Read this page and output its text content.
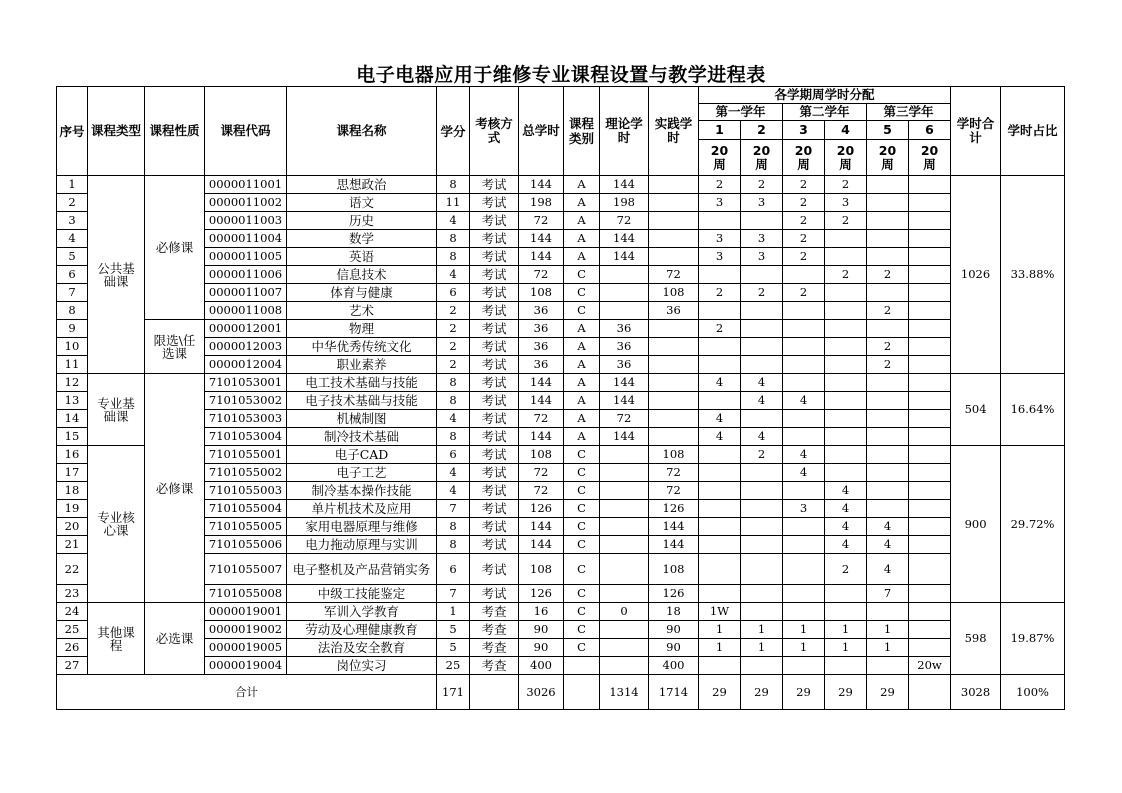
电子电器应用于维修专业课程设置与教学进程表
序号	课程类型	课程性质	课程代码	课程名称	学分	考核方式	总学时	课程类别	理论学时	实践学时	各学期周学时分配						学时合计	学时占比
											第一学年		第二学年		第三学年			
											1	2	3	4	5	6		
											20周	20周	20周	20周	20周	20周		
1	公共基础课	必修课	0000011001	思想政治	8	考试	144	A	144		2	2	2	2			1026	33.88%
2			0000011002	语文	11	考试	198	A	198		3	3	2	3				
3			0000011003	历史	4	考试	72	A	72				2	2				
4			0000011004	数学	8	考试	144	A	144		3	3	2					
5			0000011005	英语	8	考试	144	A	144		3	3	2					
6			0000011006	信息技术	4	考试	72	C		72				2	2			
7			0000011007	体育与健康	6	考试	108	C		108	2	2	2					
8			0000011008	艺术	2	考试	36	C		36					2			
9		限选\任选课	0000012001	物理	2	考试	36	A	36		2							
10			0000012003	中华优秀传统文化	2	考试	36	A	36						2			
11			0000012004	职业素养	2	考试	36	A	36						2			
12	专业基础课	必修课	7101053001	电工技术基础与技能	8	考试	144	A	144		4	4					504	16.64%
13			7101053002	电子技术基础与技能	8	考试	144	A	144			4	4					
14			7101053003	机械制图	4	考试	72	A	72		4							
15			7101053004	制冷技术基础	8	考试	144	A	144		4	4						
16	专业核心课		7101055001	电子CAD	6	考试	108	C		108		2	4				900	29.72%
17			7101055002	电子工艺	4	考试	72	C		72			4					
18			7101055003	制冷基本操作技能	4	考试	72	C		72				4				
19			7101055004	单片机技术及应用	7	考试	126	C		126			3	4				
20			7101055005	家用电器原理与维修	8	考试	144	C		144				4	4			
21			7101055006	电力拖动原理与实训	8	考试	144	C		144				4	4			
22			7101055007	电子整机及产品营销实务	6	考试	108	C		108				2	4			
23			7101055008	中级工技能鉴定	7	考试	126	C		126					7			
24	其他课程	必选课	0000019001	军训入学教育	1	考查	16	C	0	18	1W						598	19.87%
25			0000019002	劳动及心理健康教育	5	考查	90	C		90	1	1	1	1	1			
26			0000019005	法治及安全教育	5	考查	90	C		90	1	1	1	1	1			
27			0000019004	岗位实习	25	考查	400			400						20w		
合计					171		3026		1314	1714	29	29	29	29	29		3028	100%
